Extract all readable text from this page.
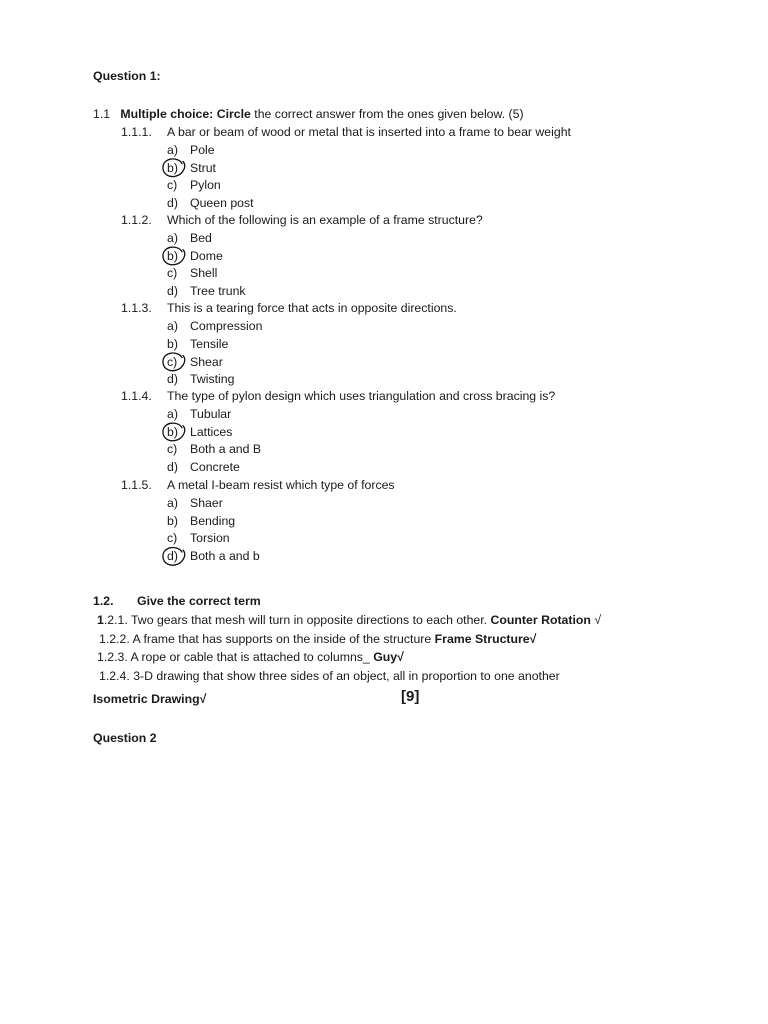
Question 1:
1.1 Multiple choice: Circle the correct answer from the ones given below. (5)
1.1.1. A bar or beam of wood or metal that is inserted into a frame to bear weight
a) Pole
b) Strut
c) Pylon
d) Queen post
1.1.2. Which of the following is an example of a frame structure?
a) Bed
b) Dome
c) Shell
d) Tree trunk
1.1.3. This is a tearing force that acts in opposite directions.
a) Compression
b) Tensile
c) Shear
d) Twisting
1.1.4. The type of pylon design which uses triangulation and cross bracing is?
a) Tubular
b) Lattices
c) Both a and B
d) Concrete
1.1.5. A metal I-beam resist which type of forces
a) Shaer
b) Bending
c) Torsion
d) Both a and b
1.2. Give the correct term
1.2.1. Two gears that mesh will turn in opposite directions to each other. Counter Rotation √
1.2.2. A frame that has supports on the inside of the structure Frame Structure√
1.2.3. A rope or cable that is attached to columns_ Guy√
1.2.4. 3-D drawing that show three sides of an object, all in proportion to one another
Isometric Drawing√	[9]
Question 2
